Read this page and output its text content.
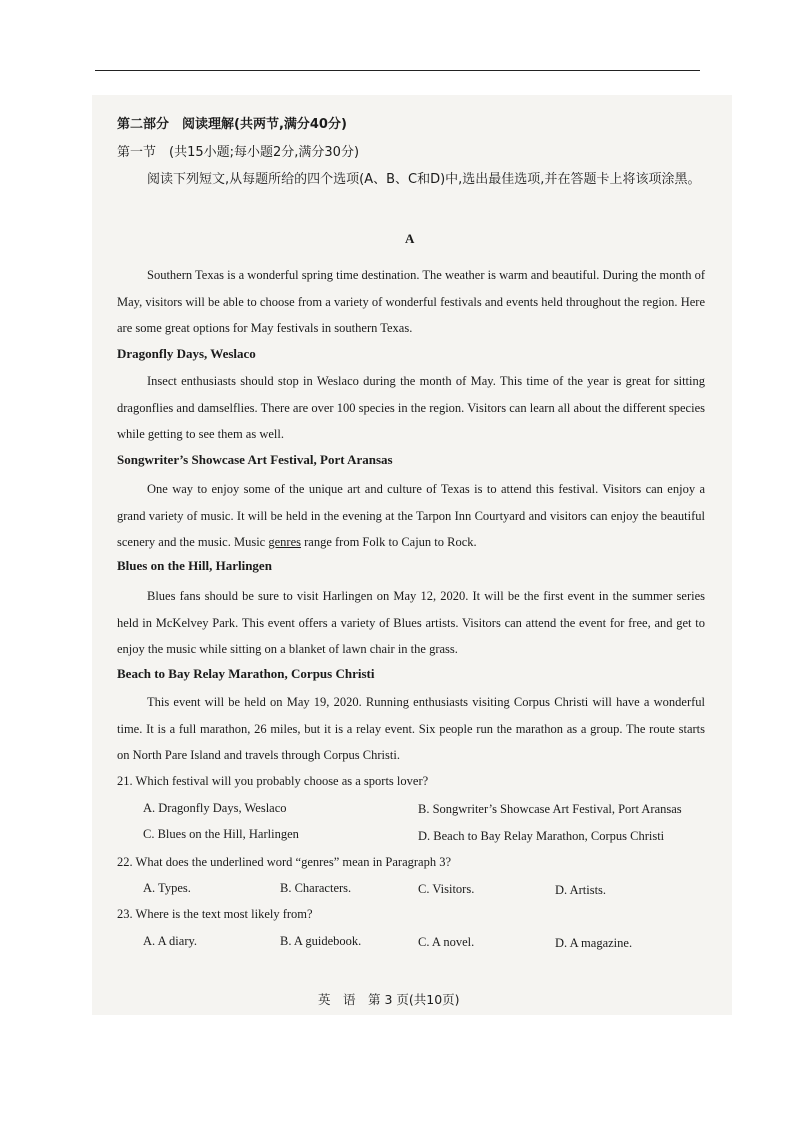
第二部分　阅读理解(共两节,满分40分)
第一节　(共15小题;每小题2分,满分30分)
阅读下列短文,从每题所给的四个选项(A、B、C和D)中,选出最佳选项,并在答题卡上将该项涂黑。
A
Southern Texas is a wonderful spring time destination. The weather is warm and beautiful. During the month of May, visitors will be able to choose from a variety of wonderful festivals and events held throughout the region. Here are some great options for May festivals in southern Texas.
Dragonfly Days, Weslaco
Insect enthusiasts should stop in Weslaco during the month of May. This time of the year is great for sitting dragonflies and damselflies. There are over 100 species in the region. Visitors can learn all about the different species while getting to see them as well.
Songwriter’s Showcase Art Festival, Port Aransas
One way to enjoy some of the unique art and culture of Texas is to attend this festival. Visitors can enjoy a grand variety of music. It will be held in the evening at the Tarpon Inn Courtyard and visitors can enjoy the beautiful scenery and the music. Music genres range from Folk to Cajun to Rock.
Blues on the Hill, Harlingen
Blues fans should be sure to visit Harlingen on May 12, 2020. It will be the first event in the summer series held in McKelvey Park. This event offers a variety of Blues artists. Visitors can attend the event for free, and get to enjoy the music while sitting on a blanket of lawn chair in the grass.
Beach to Bay Relay Marathon, Corpus Christi
This event will be held on May 19, 2020. Running enthusiasts visiting Corpus Christi will have a wonderful time. It is a full marathon, 26 miles, but it is a relay event. Six people run the marathon as a group. The route starts on North Pare Island and travels through Corpus Christi.
21. Which festival will you probably choose as a sports lover?
A. Dragonfly Days, Weslaco	B. Songwriter’s Showcase Art Festival, Port Aransas
C. Blues on the Hill, Harlingen	D. Beach to Bay Relay Marathon, Corpus Christi
22. What does the underlined word “genres” mean in Paragraph 3?
A. Types.	B. Characters.	C. Visitors.	D. Artists.
23. Where is the text most likely from?
A. A diary.	B. A guidebook.	C. A novel.	D. A magazine.
英　语　第 3 页(共10页)
